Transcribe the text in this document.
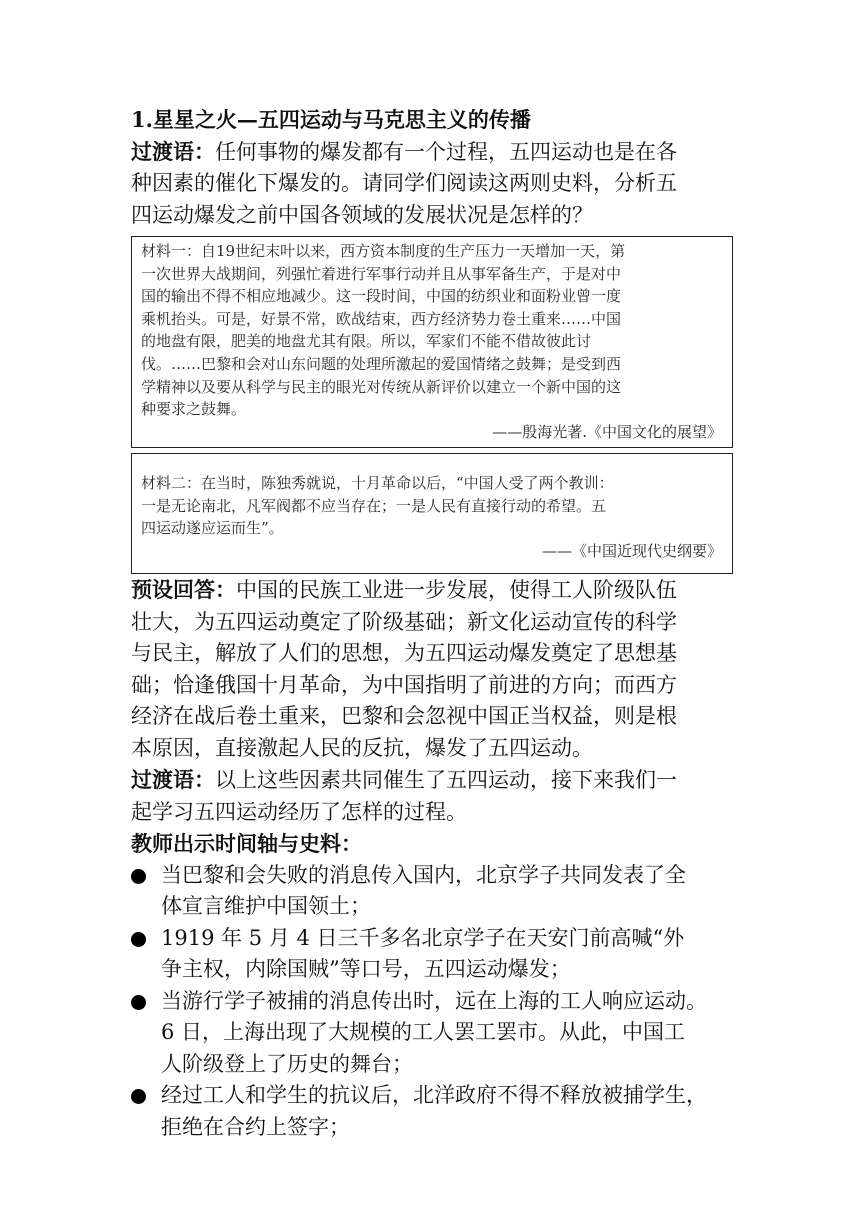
1.星星之火—五四运动与马克思主义的传播
过渡语：任何事物的爆发都有一个过程，五四运动也是在各
种因素的催化下爆发的。请同学们阅读这两则史料，分析五
四运动爆发之前中国各领域的发展状况是怎样的？
材料一：自19世纪末叶以来，西方资本制度的生产压力一天增加一天，第
一次世界大战期间，列强忙着进行军事行动并且从事军备生产，于是对中
国的输出不得不相应地减少。这一段时间，中国的纺织业和面粉业曾一度
乘机抬头。可是，好景不常，欧战结束，西方经济势力卷土重来……中国
的地盘有限，肥美的地盘尤其有限。所以，军家们不能不借故彼此讨
伐。……巴黎和会对山东问题的处理所激起的爱国情绪之鼓舞；是受到西
学精神以及要从科学与民主的眼光对传统从新评价以建立一个新中国的这
种要求之鼓舞。
——殷海光著.《中国文化的展望》
材料二：在当时，陈独秀就说，十月革命以后，“中国人受了两个教训：
一是无论南北，凡军阀都不应当存在；一是人民有直接行动的希望。五
四运动遂应运而生”。
——《中国近现代史纲要》
预设回答：中国的民族工业进一步发展，使得工人阶级队伍
壮大，为五四运动奠定了阶级基础；新文化运动宣传的科学
与民主，解放了人们的思想，为五四运动爆发奠定了思想基
础；恰逢俄国十月革命，为中国指明了前进的方向；而西方
经济在战后卷土重来，巴黎和会忽视中国正当权益，则是根
本原因，直接激起人民的反抗，爆发了五四运动。
过渡语：以上这些因素共同催生了五四运动，接下来我们一
起学习五四运动经历了怎样的过程。
教师出示时间轴与史料：
当巴黎和会失败的消息传入国内，北京学子共同发表了全
体宣言维护中国领土；
1919 年 5 月 4 日三千多名北京学子在天安门前高喊“外
争主权，内除国贼”等口号，五四运动爆发；
当游行学子被捕的消息传出时，远在上海的工人响应运动。
6 日，上海出现了大规模的工人罢工罢市。从此，中国工
人阶级登上了历史的舞台；
经过工人和学生的抗议后，北洋政府不得不释放被捕学生，
拒绝在合约上签字；
